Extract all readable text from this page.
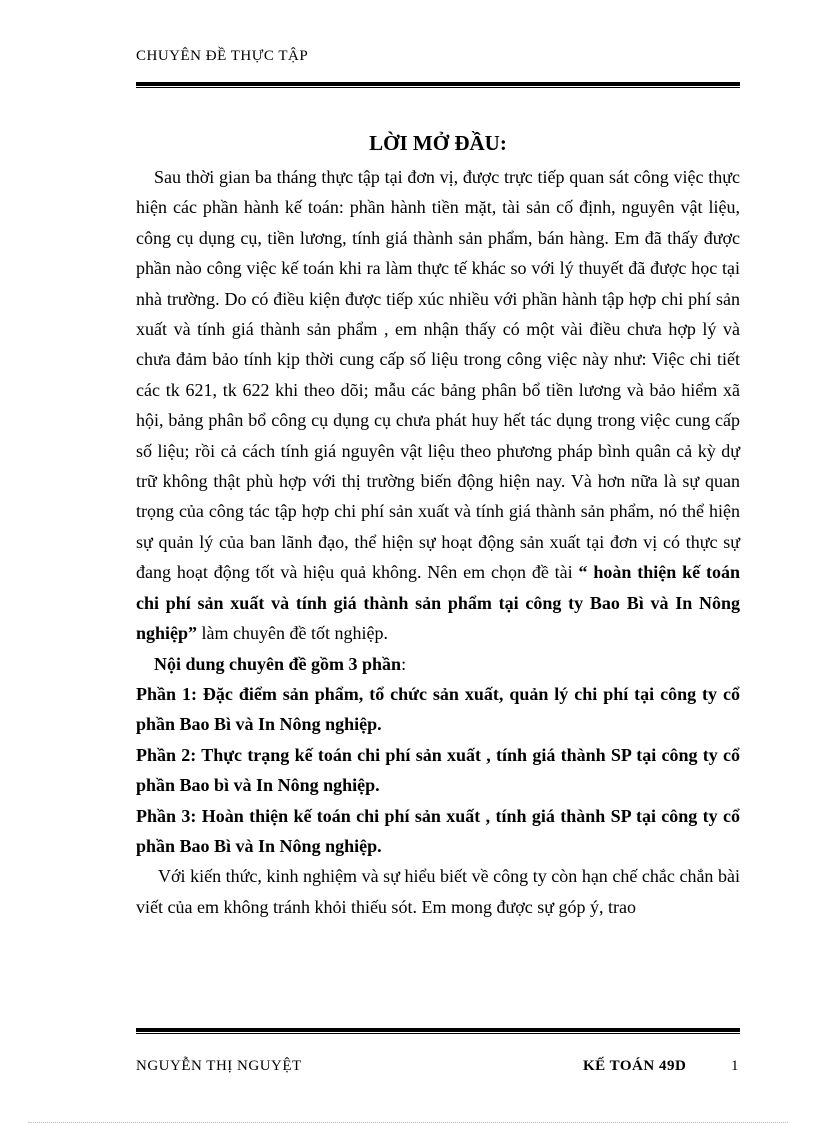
CHUYÊN ĐỀ THỰC TẬP
LỜI MỞ ĐẦU:

Sau thời gian ba tháng thực tập tại đơn vị, được trực tiếp quan sát công việc thực hiện các phần hành kế toán: phần hành tiền mặt, tài sản cố định, nguyên vật liệu, công cụ dụng cụ, tiền lương, tính giá thành sản phẩm, bán hàng. Em đã thấy được phần nào công việc kế toán khi ra làm thực tế khác so với lý thuyết đã được học tại nhà trường. Do có điều kiện được tiếp xúc nhiều với phần hành tập hợp chi phí sản xuất và tính giá thành sản phẩm , em nhận thấy có một vài điều chưa hợp lý và chưa đảm bảo tính kịp thời cung cấp số liệu trong công việc này như: Việc chi tiết các tk 621, tk 622 khi theo dõi; mẫu các bảng phân bổ tiền lương và bảo hiểm xã hội, bảng phân bổ công cụ dụng cụ chưa phát huy hết tác dụng trong việc cung cấp số liệu; rồi cả cách tính giá nguyên vật liệu theo phương pháp bình quân cả kỳ dự trữ không thật phù hợp với thị trường biến động hiện nay. Và hơn nữa là sự quan trọng của công tác tập hợp chi phí sản xuất và tính giá thành sản phẩm, nó thể hiện sự quản lý của ban lãnh đạo, thể hiện sự hoạt động sản xuất tại đơn vị có thực sự đang hoạt động tốt và hiệu quả không. Nên em chọn đề tài “ hoàn thiện kế toán chi phí sản xuất và tính giá thành sản phẩm tại công ty Bao Bì và In Nông nghiệp” làm chuyên đề tốt nghiệp.

Nội dung chuyên đề gồm 3 phần:

Phần 1: Đặc điểm sản phẩm, tổ chức sản xuất, quản lý chi phí tại công ty cổ phần Bao Bì và In Nông nghiệp.

Phần 2: Thực trạng kế toán chi phí sản xuất , tính giá thành SP tại công ty cổ phần Bao bì và In Nông nghiệp.

Phần 3: Hoàn thiện kế toán chi phí sản xuất , tính giá thành SP tại công ty cổ phần Bao Bì và In Nông nghiệp.

Với kiến thức, kinh nghiệm và sự hiểu biết về công ty còn hạn chế chắc chắn bài viết của em không tránh khỏi thiếu sót. Em mong được sự góp ý, trao

NGUYỄN THỊ NGUYỆT	KẾ TOÁN 49D	1
